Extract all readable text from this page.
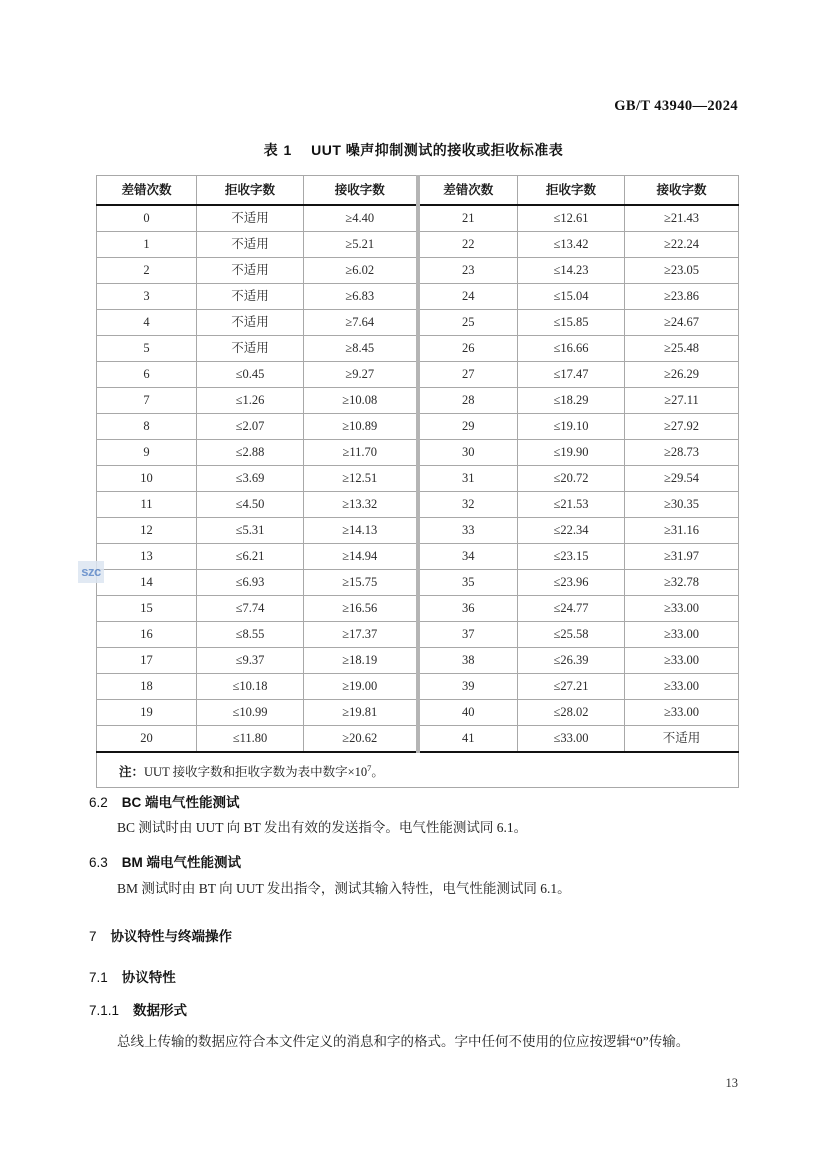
GB/T 43940—2024
表 1 UUT 噪声抑制测试的接收或拒收标准表
差错次数	拒收字数	接收字数	差错次数	拒收字数	接收字数
0	不适用	≥4.40	21	≤12.61	≥21.43
1	不适用	≥5.21	22	≤13.42	≥22.24
2	不适用	≥6.02	23	≤14.23	≥23.05
3	不适用	≥6.83	24	≤15.04	≥23.86
4	不适用	≥7.64	25	≤15.85	≥24.67
5	不适用	≥8.45	26	≤16.66	≥25.48
6	≤0.45	≥9.27	27	≤17.47	≥26.29
7	≤1.26	≥10.08	28	≤18.29	≥27.11
8	≤2.07	≥10.89	29	≤19.10	≥27.92
9	≤2.88	≥11.70	30	≤19.90	≥28.73
10	≤3.69	≥12.51	31	≤20.72	≥29.54
11	≤4.50	≥13.32	32	≤21.53	≥30.35
12	≤5.31	≥14.13	33	≤22.34	≥31.16
13	≤6.21	≥14.94	34	≤23.15	≥31.97
14	≤6.93	≥15.75	35	≤23.96	≥32.78
15	≤7.74	≥16.56	36	≤24.77	≥33.00
16	≤8.55	≥17.37	37	≤25.58	≥33.00
17	≤9.37	≥18.19	38	≤26.39	≥33.00
18	≤10.18	≥19.00	39	≤27.21	≥33.00
19	≤10.99	≥19.81	40	≤28.02	≥33.00
20	≤11.80	≥20.62	41	≤33.00	不适用
注：UUT 接收字数和拒收字数为表中数字$\times 10^7$。					
szc
6.2 BC 端电气性能测试

BC 测试时由 UUT 向 BT 发出有效的发送指令。电气性能测试同 6.1。

6.3 BM 端电气性能测试

BM 测试时由 BT 向 UUT 发出指令，测试其输入特性，电气性能测试同 6.1。

7 协议特性与终端操作
7.1 协议特性
7.1.1 数据形式

总线上传输的数据应符合本文件定义的消息和字的格式。字中任何不使用的位应按逻辑“0”传输。

13
